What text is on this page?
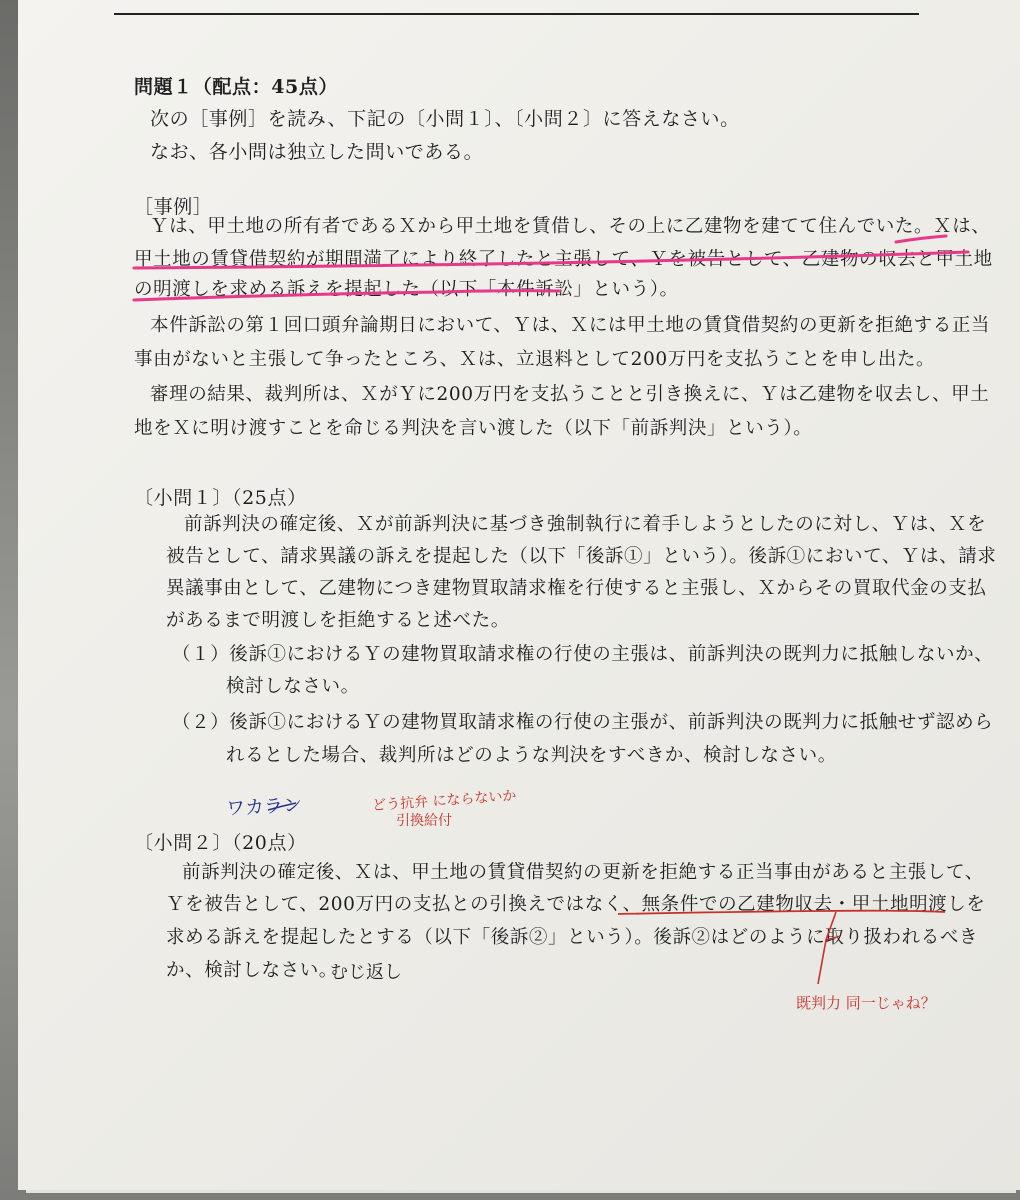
問題１（配点：45点）
次の［事例］を読み、下記の〔小問１〕、〔小問２〕に答えなさい。
なお、各小問は独立した問いである。
［事例］
Ｙは、甲土地の所有者であるＸから甲土地を賃借し、その上に乙建物を建てて住んでいた。Ｘは、
甲土地の賃貸借契約が期間満了により終了したと主張して、Ｙを被告として、乙建物の収去と甲土地
の明渡しを求める訴えを提起した（以下「本件訴訟」という）。
本件訴訟の第１回口頭弁論期日において、Ｙは、Ｘには甲土地の賃貸借契約の更新を拒絶する正当
事由がないと主張して争ったところ、Ｘは、立退料として200万円を支払うことを申し出た。
審理の結果、裁判所は、ＸがＹに200万円を支払うことと引き換えに、Ｙは乙建物を収去し、甲土
地をＸに明け渡すことを命じる判決を言い渡した（以下「前訴判決」という）。
〔小問１〕（25点）
前訴判決の確定後、Ｘが前訴判決に基づき強制執行に着手しようとしたのに対し、Ｙは、Ｘを
被告として、請求異議の訴えを提起した（以下「後訴①」という）。後訴①において、Ｙは、請求
異議事由として、乙建物につき建物買取請求権を行使すると主張し、Ｘからその買取代金の支払
があるまで明渡しを拒絶すると述べた。
（１）後訴①におけるＹの建物買取請求権の行使の主張は、前訴判決の既判力に抵触しないか、
検討しなさい。
（２）後訴①におけるＹの建物買取請求権の行使の主張が、前訴判決の既判力に抵触せず認めら
れるとした場合、裁判所はどのような判決をすべきか、検討しなさい。
〔小問２〕（20点）
前訴判決の確定後、Ｘは、甲土地の賃貸借契約の更新を拒絶する正当事由があると主張して、
Ｙを被告として、200万円の支払との引換えではなく、無条件での乙建物収去・甲土地明渡しを
求める訴えを提起したとする（以下「後訴②」という）。後訴②はどのように取り扱われるべき
か、検討しなさい。
ワカラン	どう抗弁 にならないか
引換給付
むじ返し
既判力 同一じゃね？
